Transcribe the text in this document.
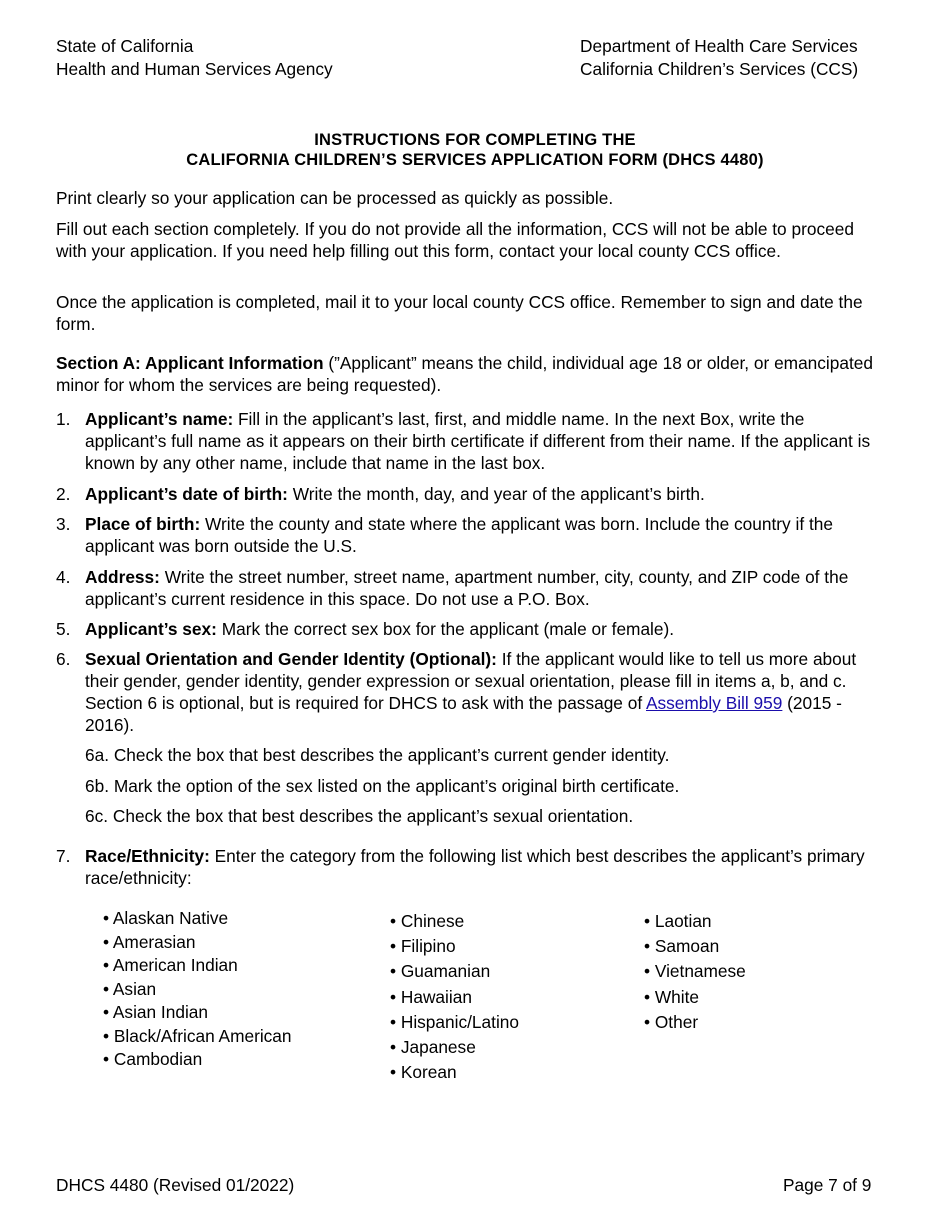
State of California
Health and Human Services Agency
Department of Health Care Services
California Children’s Services (CCS)
INSTRUCTIONS FOR COMPLETING THE
CALIFORNIA CHILDREN’S SERVICES APPLICATION FORM (DHCS 4480)
Print clearly so your application can be processed as quickly as possible.
Fill out each section completely. If you do not provide all the information, CCS will not be able to proceed with your application. If you need help filling out this form, contact your local county CCS office.
Once the application is completed, mail it to your local county CCS office. Remember to sign and date the form.
Section A: Applicant Information (”Applicant” means the child, individual age 18 or older, or emancipated minor for whom the services are being requested).
1. Applicant’s name: Fill in the applicant’s last, first, and middle name. In the next Box, write the applicant’s full name as it appears on their birth certificate if different from their name. If the applicant is known by any other name, include that name in the last box.
2. Applicant’s date of birth: Write the month, day, and year of the applicant’s birth.
3. Place of birth: Write the county and state where the applicant was born. Include the country if the applicant was born outside the U.S.
4. Address: Write the street number, street name, apartment number, city, county, and ZIP code of the applicant’s current residence in this space. Do not use a P.O. Box.
5. Applicant’s sex: Mark the correct sex box for the applicant (male or female).
6. Sexual Orientation and Gender Identity (Optional): If the applicant would like to tell us more about their gender, gender identity, gender expression or sexual orientation, please fill in items a, b, and c. Section 6 is optional, but is required for DHCS to ask with the passage of Assembly Bill 959 (2015 - 2016).
6a. Check the box that best describes the applicant’s current gender identity.
6b. Mark the option of the sex listed on the applicant’s original birth certificate.
6c. Check the box that best describes the applicant’s sexual orientation.
7. Race/Ethnicity: Enter the category from the following list which best describes the applicant’s primary race/ethnicity:
• Alaskan Native
• Amerasian
• American Indian
• Asian
• Asian Indian
• Black/African American
• Cambodian
• Chinese
• Filipino
• Guamanian
• Hawaiian
• Hispanic/Latino
• Japanese
• Korean
• Laotian
• Samoan
• Vietnamese
• White
• Other
DHCS 4480 (Revised 01/2022)	Page 7 of 9
